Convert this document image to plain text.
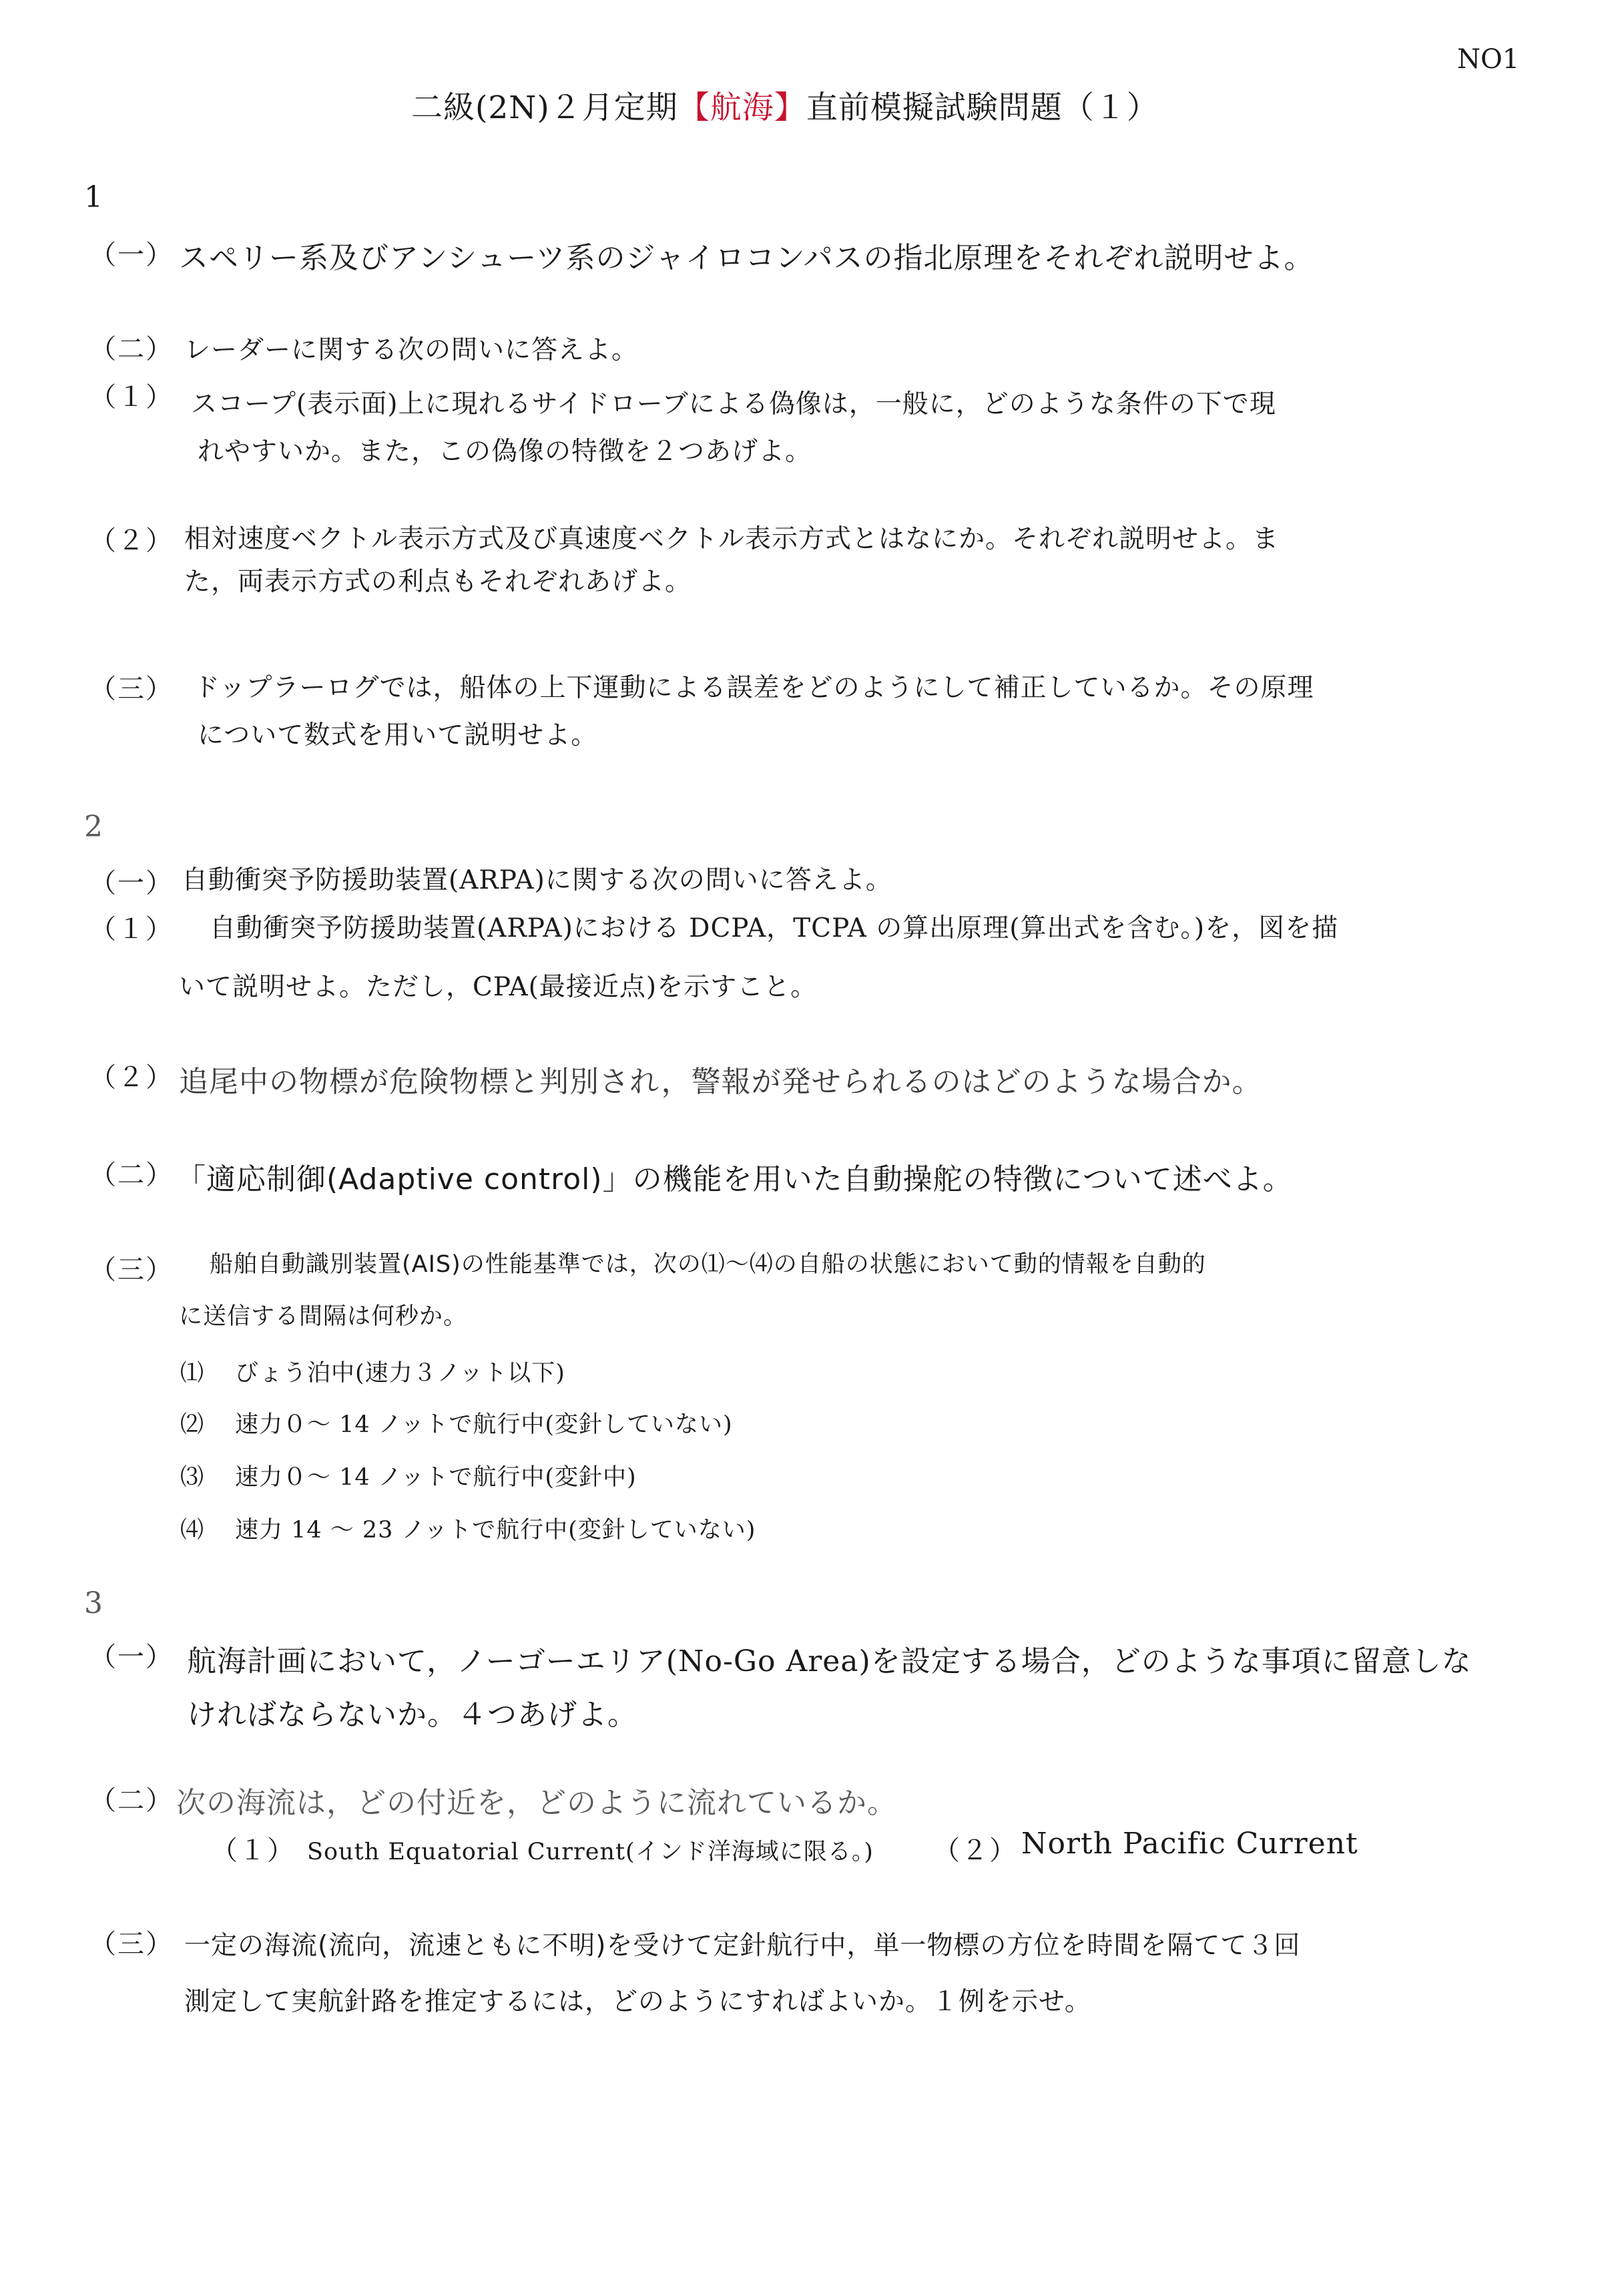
NO1
二級(2N)２月定期【航海】直前模擬試験問題（１）
1
（一） スペリー系及びアンシューツ系のジャイロコンパスの指北原理をそれぞれ説明せよ。
（二） レーダーに関する次の問いに答えよ。
（１） スコープ(表示面)上に現れるサイドローブによる偽像は，一般に，どのような条件の下で現
れやすいか。また，この偽像の特徴を２つあげよ。
（２） 相対速度ベクトル表示方式及び真速度ベクトル表示方式とはなにか。それぞれ説明せよ。ま
た，両表示方式の利点もそれぞれあげよ。
（三） ドップラーログでは，船体の上下運動による誤差をどのようにして補正しているか。その原理
について数式を用いて説明せよ。
2
（一） 自動衝突予防援助装置(ARPA)に関する次の問いに答えよ。
（１） 自動衝突予防援助装置(ARPA)における DCPA，TCPA の算出原理(算出式を含む。)を，図を描
いて説明せよ。ただし，CPA(最接近点)を示すこと。
（２） 追尾中の物標が危険物標と判別され，警報が発せられるのはどのような場合か。
（二） 「適応制御(Adaptive control)」の機能を用いた自動操舵の特徴について述べよ。
（三） 船舶自動識別装置(AIS)の性能基準では，次の⑴～⑷の自船の状態において動的情報を自動的
に送信する間隔は何秒か。
⑴ びょう泊中(速力３ノット以下)
⑵ 速力０～ 14 ノットで航行中(変針していない)
⑶ 速力０～ 14 ノットで航行中(変針中)
⑷ 速力 14 ～ 23 ノットで航行中(変針していない)
3
（一） 航海計画において，ノーゴーエリア(No-Go Area)を設定する場合，どのような事項に留意しな
ければならないか。４つあげよ。
（二） 次の海流は，どの付近を，どのように流れているか。
（１） South Equatorial Current(インド洋海域に限る。) （２） North Pacific Current
（三） 一定の海流(流向，流速ともに不明)を受けて定針航行中，単一物標の方位を時間を隔てて３回
測定して実航針路を推定するには，どのようにすればよいか。１例を示せ。
